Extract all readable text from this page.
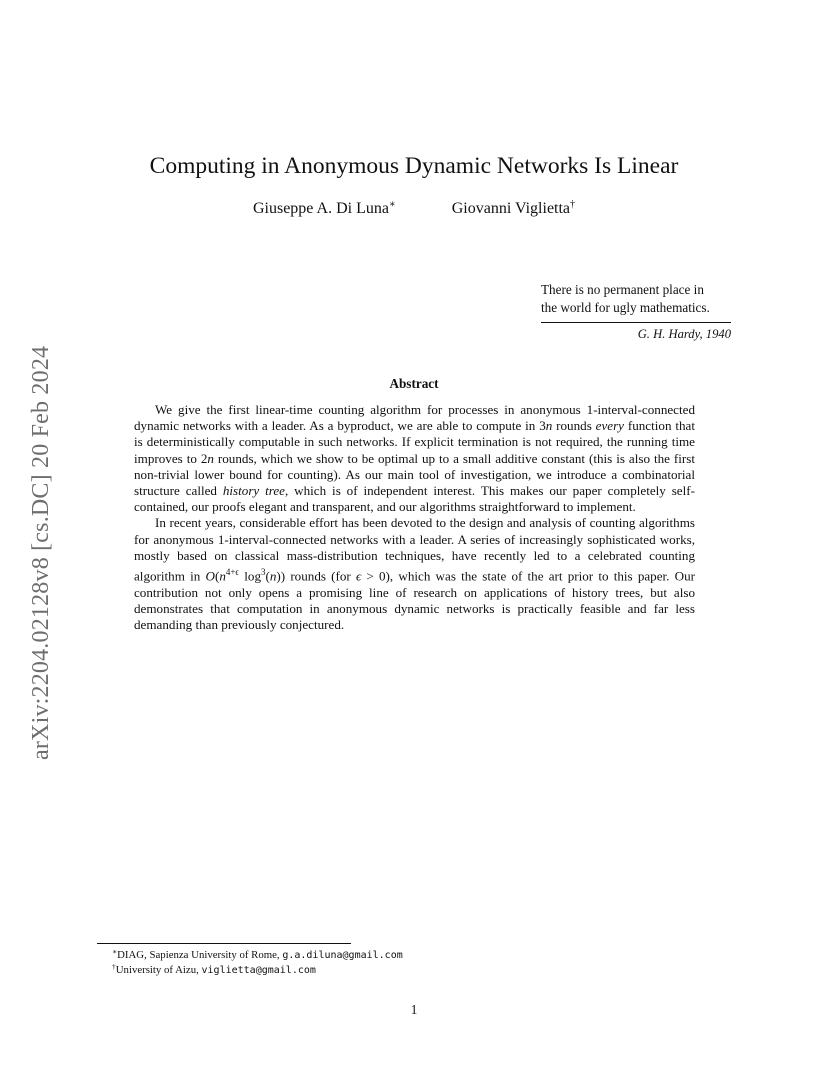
arXiv:2204.02128v8 [cs.DC] 20 Feb 2024
Computing in Anonymous Dynamic Networks Is Linear
Giuseppe A. Di Luna∗	Giovanni Viglietta†
There is no permanent place in
the world for ugly mathematics.
G. H. Hardy, 1940
Abstract

We give the first linear-time counting algorithm for processes in anonymous 1-interval-connected dynamic networks with a leader. As a byproduct, we are able to compute in 3n rounds every function that is deterministically computable in such networks. If explicit termination is not required, the running time improves to 2n rounds, which we show to be optimal up to a small additive constant (this is also the first non-trivial lower bound for counting). As our main tool of investigation, we introduce a combinatorial structure called history tree, which is of independent interest. This makes our paper completely self-contained, our proofs elegant and transparent, and our algorithms straightforward to implement.

In recent years, considerable effort has been devoted to the design and analysis of counting algorithms for anonymous 1-interval-connected networks with a leader. A series of increasingly sophisticated works, mostly based on classical mass-distribution techniques, have recently led to a celebrated counting algorithm in $O(n^{4+\epsilon}$ $\log^3(n)$) rounds (for ϵ > 0), which was the state of the art prior to this paper. Our contribution not only opens a promising line of research on applications of history trees, but also demonstrates that computation in anonymous dynamic networks is practically feasible and far less demanding than previously conjectured.

∗DIAG, Sapienza University of Rome, g.a.diluna@gmail.com
†University of Aizu, viglietta@gmail.com
1
